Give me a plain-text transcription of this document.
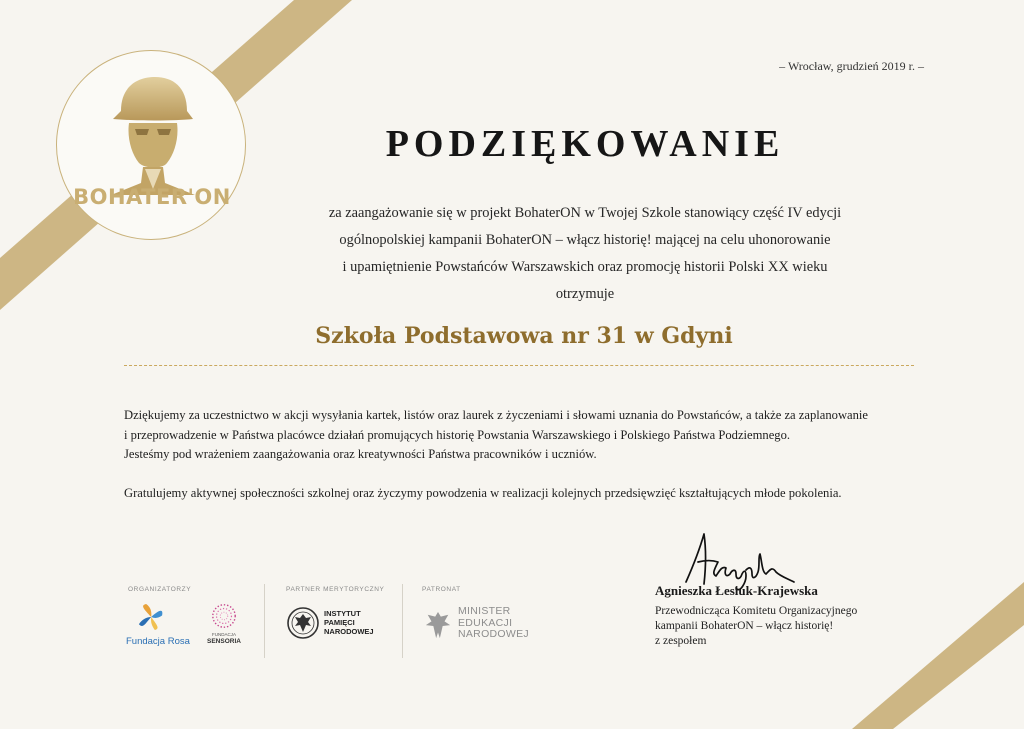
BOHATER'ON
– Wrocław, grudzień 2019 r. –
PODZIĘKOWANIE
za zaangażowanie się w projekt BohaterON w Twojej Szkole stanowiący część IV edycji
ogólnopolskiej kampanii BohaterON – włącz historię! mającej na celu uhonorowanie
i upamiętnienie Powstańców Warszawskich oraz promocję historii Polski XX wieku
otrzymuje
Szkoła Podstawowa nr 31 w Gdyni
Dziękujemy za uczestnictwo w akcji wysyłania kartek, listów oraz laurek z życzeniami i słowami uznania do Powstańców, a także za zaplanowanie
i przeprowadzenie w Państwa placówce działań promujących historię Powstania Warszawskiego i Polskiego Państwa Podziemnego.
Jesteśmy pod wrażeniem zaangażowania oraz kreatywności Państwa pracowników i uczniów.
Gratulujemy aktywnej społeczności szkolnej oraz życzymy powodzenia w realizacji kolejnych przedsięwzięć kształtujących młode pokolenia.
ORGANIZATORZY
Fundacja Rosa
FUNDACJA
SENSORIA
PARTNER MERYTORYCZNY
INSTYTUT
PAMIĘCI
NARODOWEJ
PATRONAT
MINISTER
EDUKACJI
NARODOWEJ
Agnieszka Łesiuk-Krajewska
Przewodnicząca Komitetu Organizacyjnego
kampanii BohaterON – włącz historię!
z zespołem
